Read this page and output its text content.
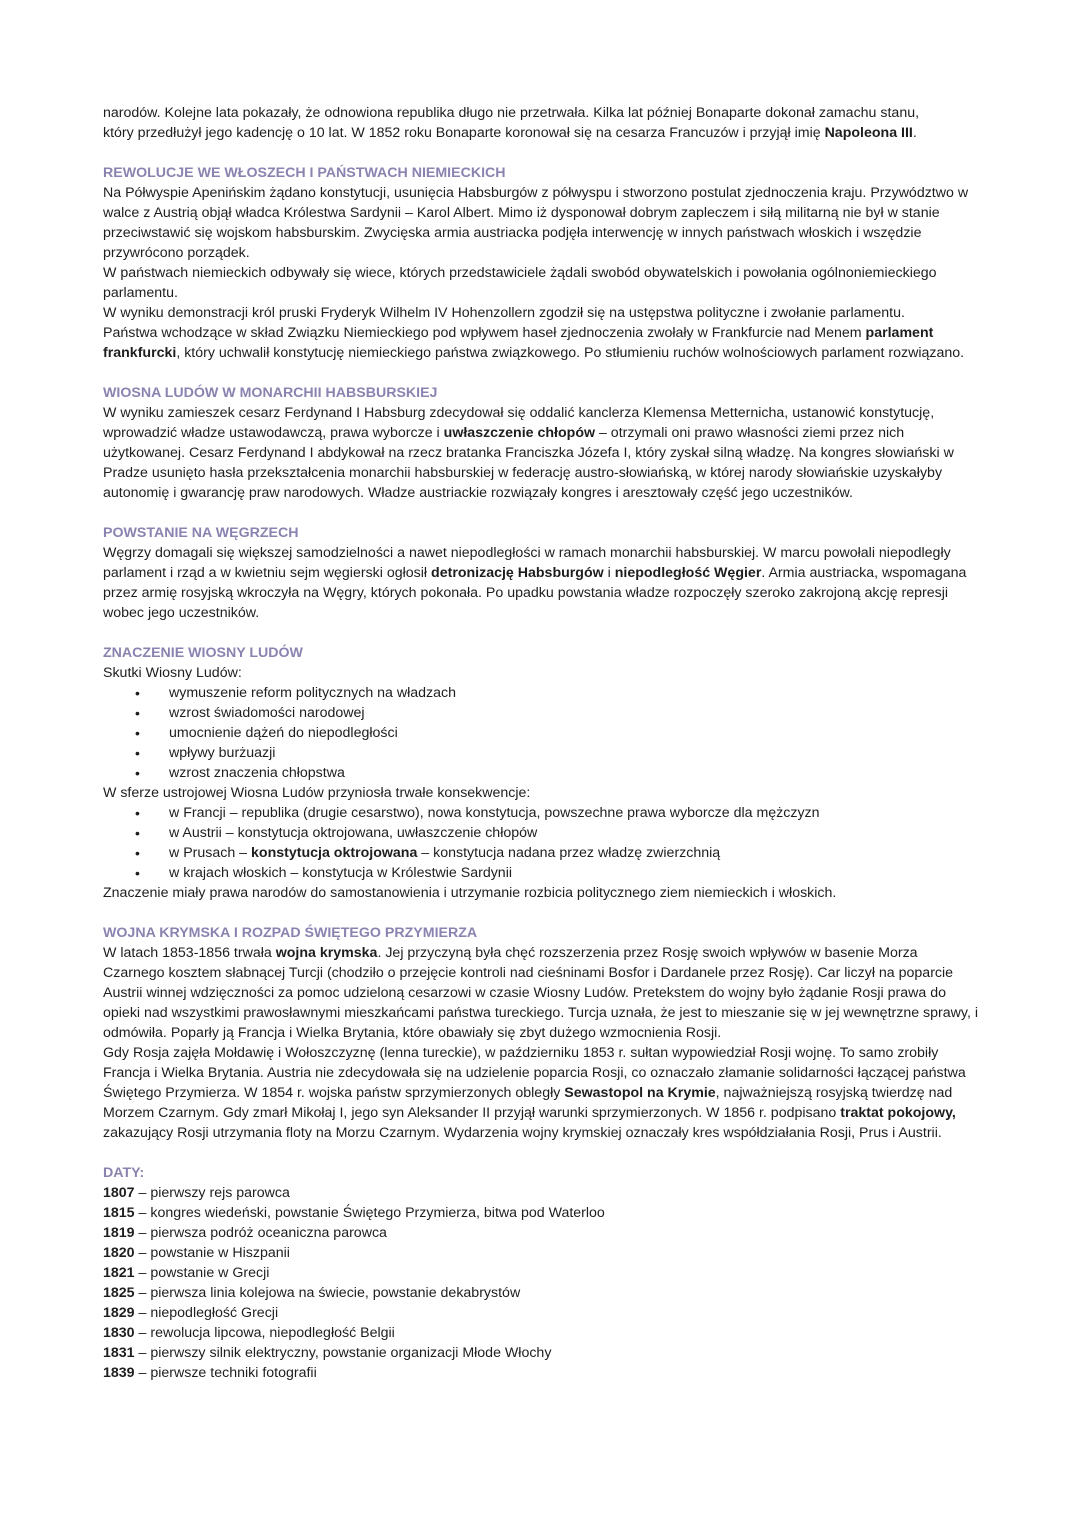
narodów. Kolejne lata pokazały, że odnowiona republika długo nie przetrwała. Kilka lat później Bonaparte dokonał zamachu stanu,
który przedłużył jego kadencję o 10 lat. W 1852 roku Bonaparte koronował się na cesarza Francuzów i przyjął imię Napoleona III.

REWOLUCJE WE WŁOSZECH I PAŃSTWACH NIEMIECKICH

Na Półwyspie Apenińskim żądano konstytucji, usunięcia Habsburgów z półwyspu i stworzono postulat zjednoczenia kraju. Przywództwo w walce z Austrią objął władca Królestwa Sardynii – Karol Albert. Mimo iż dysponował dobrym zapleczem i siłą militarną nie był w stanie przeciwstawić się wojskom habsburskim. Zwycięska armia austriacka podjęła interwencję w innych państwach włoskich i wszędzie przywrócono porządek.

W państwach niemieckich odbywały się wiece, których przedstawiciele żądali swobód obywatelskich i powołania ogólnoniemieckiego parlamentu.

W wyniku demonstracji król pruski Fryderyk Wilhelm IV Hohenzollern zgodził się na ustępstwa polityczne i zwołanie parlamentu.

Państwa wchodzące w skład Związku Niemieckiego pod wpływem haseł zjednoczenia zwołały w Frankfurcie nad Menem parlament frankfurcki, który uchwalił konstytucję niemieckiego państwa związkowego. Po stłumieniu ruchów wolnościowych parlament rozwiązano.

WIOSNA LUDÓW W MONARCHII HABSBURSKIEJ

W wyniku zamieszek cesarz Ferdynand I Habsburg zdecydował się oddalić kanclerza Klemensa Metternicha, ustanowić konstytucję, wprowadzić władze ustawodawczą, prawa wyborcze i uwłaszczenie chłopów – otrzymali oni prawo własności ziemi przez nich użytkowanej. Cesarz Ferdynand I abdykował na rzecz bratanka Franciszka Józefa I, który zyskał silną władzę. Na kongres słowiański w Pradze usunięto hasła przekształcenia monarchii habsburskiej w federację austro-słowiańską, w której narody słowiańskie uzyskałyby autonomię i gwarancję praw narodowych. Władze austriackie rozwiązały kongres i aresztowały część jego uczestników.

POWSTANIE NA WĘGRZECH

Węgrzy domagali się większej samodzielności a nawet niepodległości w ramach monarchii habsburskiej. W marcu powołali niepodległy parlament i rząd a w kwietniu sejm węgierski ogłosił detronizację Habsburgów i niepodległość Węgier. Armia austriacka, wspomagana przez armię rosyjską wkroczyła na Węgry, których pokonała. Po upadku powstania władze rozpoczęły szeroko zakrojoną akcję represji wobec jego uczestników.

ZNACZENIE WIOSNY LUDÓW

Skutki Wiosny Ludów:

• wymuszenie reform politycznych na władzach
• wzrost świadomości narodowej
• umocnienie dążeń do niepodległości
• wpływy burżuazji
• wzrost znaczenia chłopstwa

W sferze ustrojowej Wiosna Ludów przyniosła trwałe konsekwencje:

• w Francji – republika (drugie cesarstwo), nowa konstytucja, powszechne prawa wyborcze dla mężczyzn
• w Austrii – konstytucja oktrojowana, uwłaszczenie chłopów
• w Prusach – konstytucja oktrojowana – konstytucja nadana przez władzę zwierzchnią
• w krajach włoskich – konstytucja w Królestwie Sardynii

Znaczenie miały prawa narodów do samostanowienia i utrzymanie rozbicia politycznego ziem niemieckich i włoskich.

WOJNA KRYMSKA I ROZPAD ŚWIĘTEGO PRZYMIERZA

W latach 1853-1856 trwała wojna krymska. Jej przyczyną była chęć rozszerzenia przez Rosję swoich wpływów w basenie Morza Czarnego kosztem słabnącej Turcji (chodziło o przejęcie kontroli nad cieśninami Bosfor i Dardanele przez Rosję). Car liczył na poparcie Austrii winnej wdzięczności za pomoc udzieloną cesarzowi w czasie Wiosny Ludów. Pretekstem do wojny było żądanie Rosji prawa do opieki nad wszystkimi prawosławnymi mieszkańcami państwa tureckiego. Turcja uznała, że jest to mieszanie się w jej wewnętrzne sprawy, i odmówiła. Poparły ją Francja i Wielka Brytania, które obawiały się zbyt dużego wzmocnienia Rosji.

Gdy Rosja zajęła Mołdawię i Wołoszczyznę (lenna tureckie), w październiku 1853 r. sułtan wypowiedział Rosji wojnę. To samo zrobiły Francja i Wielka Brytania. Austria nie zdecydowała się na udzielenie poparcia Rosji, co oznaczało złamanie solidarności łączącej państwa Świętego Przymierza. W 1854 r. wojska państw sprzymierzonych obległy Sewastopol na Krymie, najważniejszą rosyjską twierdzę nad Morzem Czarnym. Gdy zmarł Mikołaj I, jego syn Aleksander II przyjął warunki sprzymierzonych. W 1856 r. podpisano traktat pokojowy, zakazujący Rosji utrzymania floty na Morzu Czarnym. Wydarzenia wojny krymskiej oznaczały kres współdziałania Rosji, Prus i Austrii.

DATY:

1807 – pierwszy rejs parowca

1815 – kongres wiedeński, powstanie Świętego Przymierza, bitwa pod Waterloo

1819 – pierwsza podróż oceaniczna parowca

1820 – powstanie w Hiszpanii

1821 – powstanie w Grecji

1825 – pierwsza linia kolejowa na świecie, powstanie dekabrystów

1829 – niepodległość Grecji

1830 – rewolucja lipcowa, niepodległość Belgii

1831 – pierwszy silnik elektryczny, powstanie organizacji Młode Włochy

1839 – pierwsze techniki fotografii
